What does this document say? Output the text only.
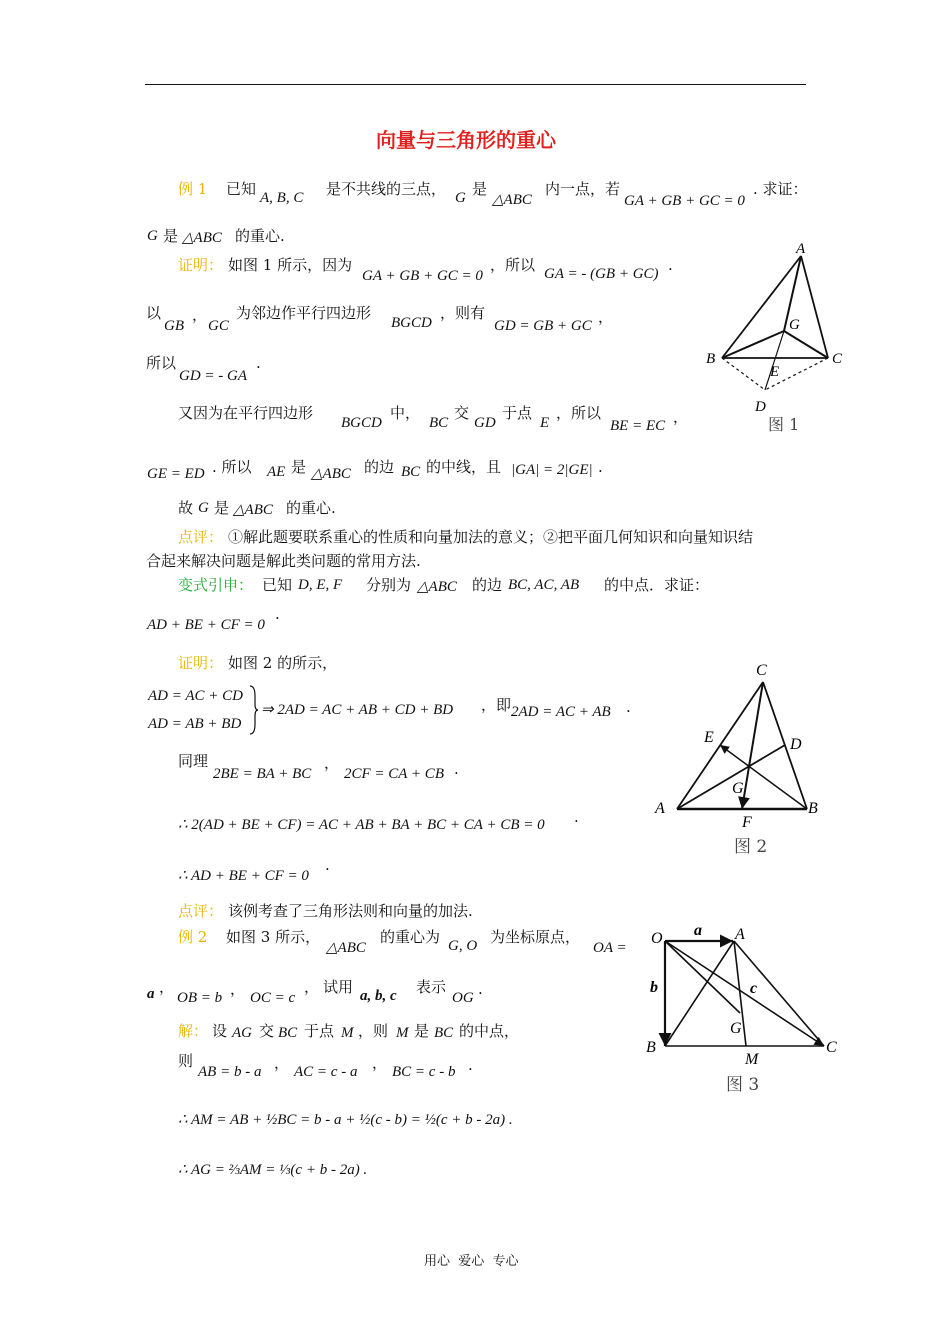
向量与三角形的重心
例 1 已知 A, B, C 是不共线的三点， G 是
△ABC
内一点，若
GA + GB + GC = 0
. 求证：
G 是 △ABC 的重心.
证明： 如图 1 所示，因为
GA + GB + GC = 0
，所以 GA = - (GB + GC) .
以
GB
，
GC
为邻边作平行四边形
BGCD
，则有
GD = GB + GC ，
所以
GD = - GA
.
又因为在平行四边形
BGCD
中，
BC
交
GD
于点
E
，所以
BE = EC ，
GE = ED . 所以 AE 是 △ABC 的边 BC 的中线，且 |GA| = 2|GE| .
故 G 是 △ABC 的重心.
点评： ①解此题要联系重心的性质和向量加法的意义；②把平面几何知识和向量知识结
合起来解决问题是解此类问题的常用方法.
变式引申： 已知 D, E, F 分别为 △ABC 的边 BC, AC, AB 的中点．求证：
AD + BE + CF = 0
.
证明： 如图 2 的所示，
AD = AC + CD
AD = AB + BD
⇒ 2AD = AC + AB + CD + BD ，即 2AD = AC + AB .
同理
2BE = BA + BC
，
2CF = CA + CB .
∴ 2(AD + BE + CF) = AC + AB + BA + BC + CA + CB = 0 .
∴ AD + BE + CF = 0
.
点评： 该例考查了三角形法则和向量的加法.
例 2 如图 3 所示，
△ABC
的重心为 G, O 为坐标原点，
OA =
a ，
OB = b ， OC = c
， 试用 a, b, c 表示
OG .
解： 设 AG 交 BC 于点 M ，则 M 是 BC 的中点，
则
AB = b - a ， AC = c - a ， BC = c - b .
∴ AM = AB + ½BC = b - a + ½(c - b) = ½(c + b - 2a) .
∴ AG = ⅔AM = ⅓(c + b - 2a) .
A
B	C
G
E
D
图 1
C
A	B
E	D
G
F
图 2
O	A
B	C
G
M
a
b	c
图 3
用心  爱心  专心
